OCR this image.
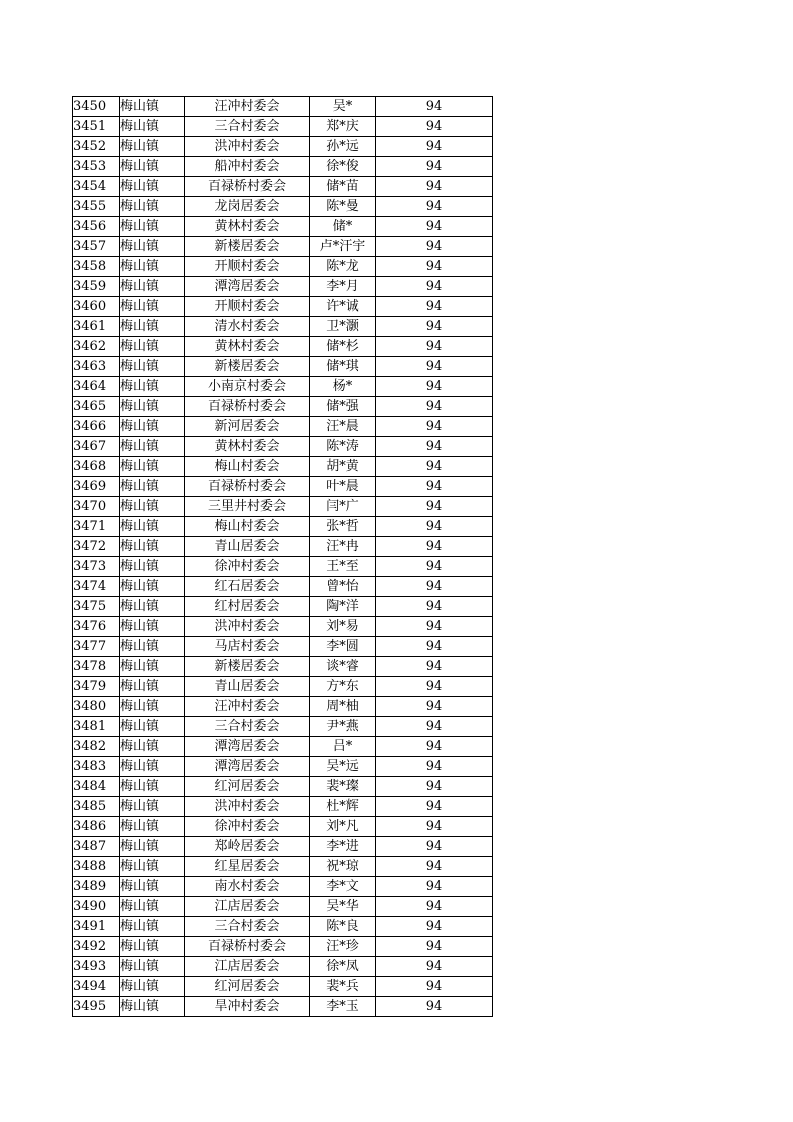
3450	梅山镇	汪冲村委会	吴*	94
3451	梅山镇	三合村委会	郑*庆	94
3452	梅山镇	洪冲村委会	孙*远	94
3453	梅山镇	船冲村委会	徐*俊	94
3454	梅山镇	百禄桥村委会	储*苗	94
3455	梅山镇	龙岗居委会	陈*曼	94
3456	梅山镇	黄林村委会	储*	94
3457	梅山镇	新楼居委会	卢*汗宇	94
3458	梅山镇	开顺村委会	陈*龙	94
3459	梅山镇	潭湾居委会	李*月	94
3460	梅山镇	开顺村委会	许*诚	94
3461	梅山镇	清水村委会	卫*灏	94
3462	梅山镇	黄林村委会	储*杉	94
3463	梅山镇	新楼居委会	储*琪	94
3464	梅山镇	小南京村委会	杨*	94
3465	梅山镇	百禄桥村委会	储*强	94
3466	梅山镇	新河居委会	汪*晨	94
3467	梅山镇	黄林村委会	陈*涛	94
3468	梅山镇	梅山村委会	胡*黄	94
3469	梅山镇	百禄桥村委会	叶*晨	94
3470	梅山镇	三里井村委会	闫*广	94
3471	梅山镇	梅山村委会	张*哲	94
3472	梅山镇	青山居委会	汪*冉	94
3473	梅山镇	徐冲村委会	王*至	94
3474	梅山镇	红石居委会	曾*怡	94
3475	梅山镇	红村居委会	陶*洋	94
3476	梅山镇	洪冲村委会	刘*易	94
3477	梅山镇	马店村委会	李*圆	94
3478	梅山镇	新楼居委会	谈*睿	94
3479	梅山镇	青山居委会	方*东	94
3480	梅山镇	汪冲村委会	周*柚	94
3481	梅山镇	三合村委会	尹*燕	94
3482	梅山镇	潭湾居委会	吕*	94
3483	梅山镇	潭湾居委会	吴*远	94
3484	梅山镇	红河居委会	裴*璨	94
3485	梅山镇	洪冲村委会	杜*辉	94
3486	梅山镇	徐冲村委会	刘*凡	94
3487	梅山镇	郑岭居委会	李*进	94
3488	梅山镇	红星居委会	祝*琼	94
3489	梅山镇	南水村委会	李*文	94
3490	梅山镇	江店居委会	吴*华	94
3491	梅山镇	三合村委会	陈*良	94
3492	梅山镇	百禄桥村委会	汪*珍	94
3493	梅山镇	江店居委会	徐*凤	94
3494	梅山镇	红河居委会	裴*兵	94
3495	梅山镇	旱冲村委会	李*玉	94
